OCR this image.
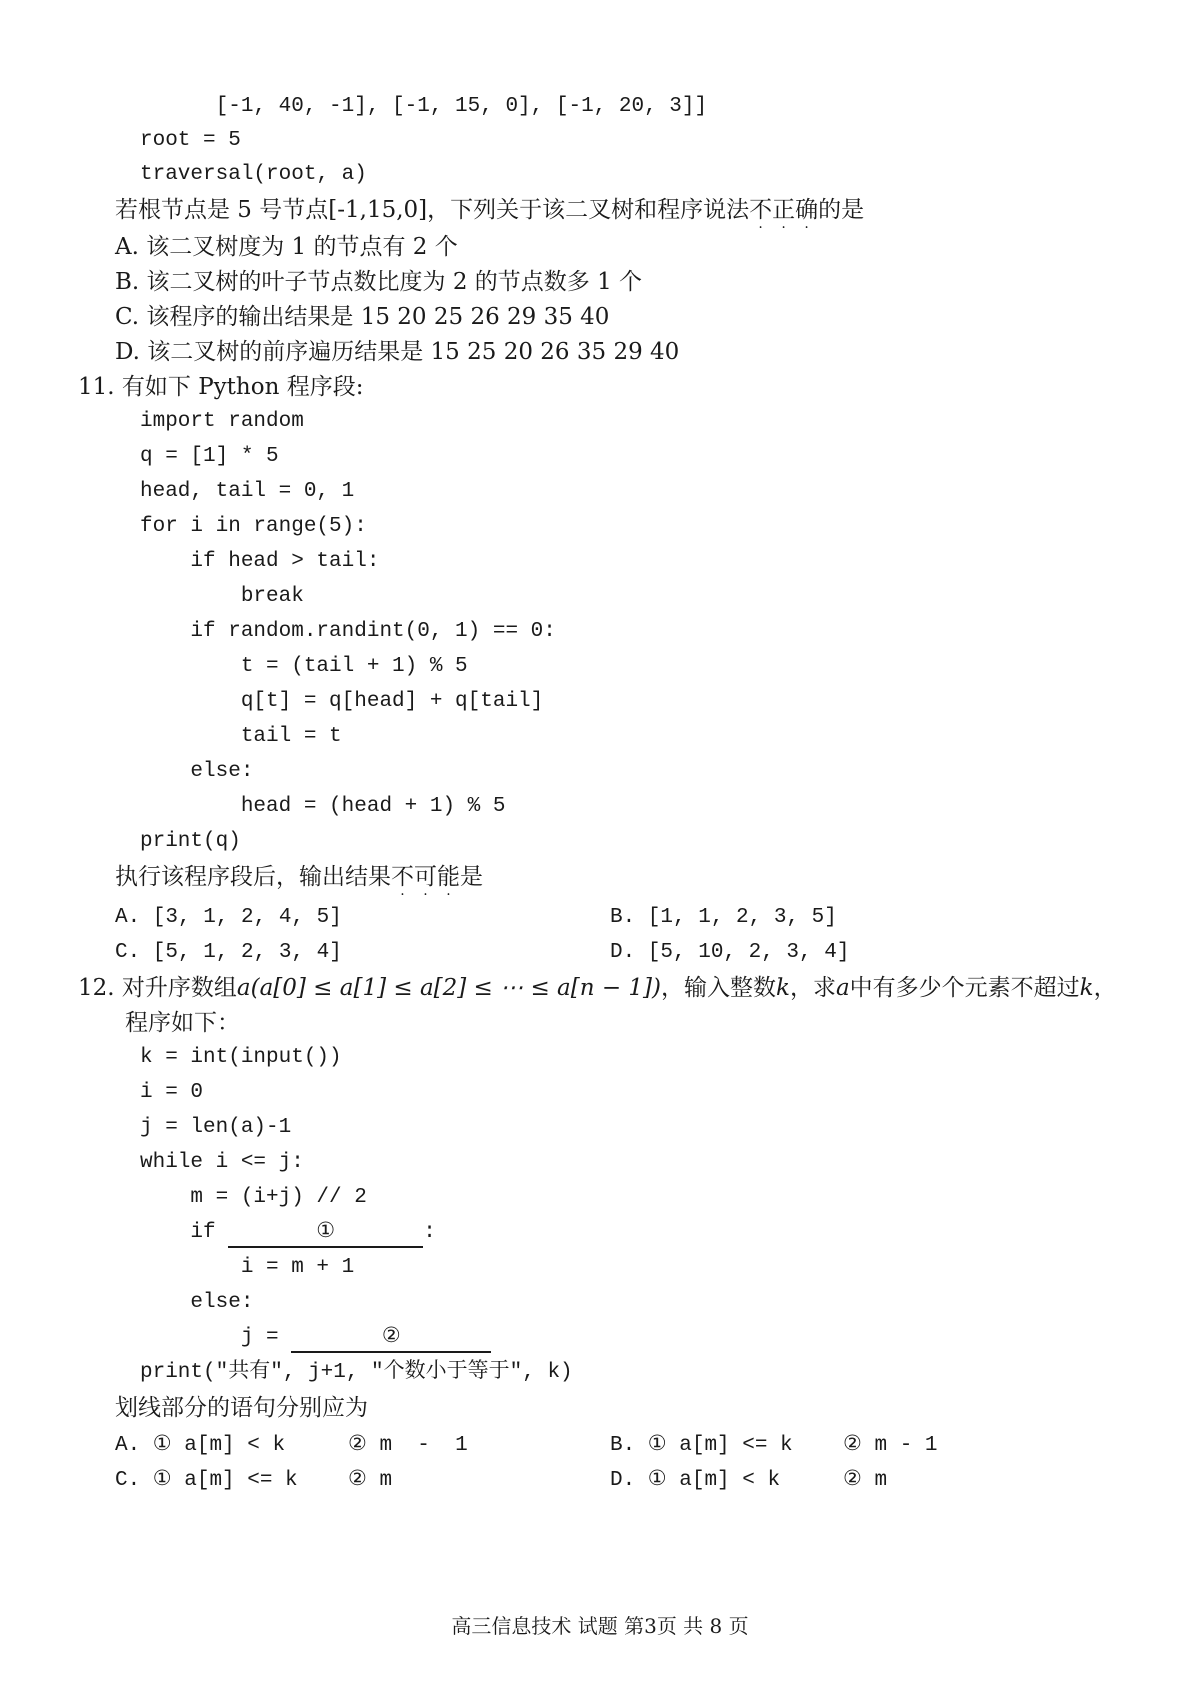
[-1, 40, -1], [-1, 15, 0], [-1, 20, 3]]
root = 5
traversal(root, a)
若根节点是 5 号节点[-1,15,0]，下列关于该二叉树和程序说法不正确
· · ·
的是
A. 该二叉树度为 1 的节点有 2 个
B. 该二叉树的叶子节点数比度为 2 的节点数多 1 个
C. 该程序的输出结果是 15 20 25 26 29 35 40
D. 该二叉树的前序遍历结果是 15 25 20 26 35 29 40
11. 有如下 Python 程序段:
import random
q = [1] * 5
head, tail = 0, 1
for i in range(5):
if head > tail:
break
if random.randint(0, 1) == 0:
t = (tail + 1) % 5
q[t] = q[head] + q[tail]
tail = t
else:
head = (head + 1) % 5
print(q)
执行该程序段后，输出结果不可能
· · ·
是
A. [3, 1, 2, 4, 5]	B. [1, 1, 2, 3, 5]
C. [5, 1, 2, 3, 4]	D. [5, 10, 2, 3, 4]
12. 对升序数组a(a[0] ≤ a[1] ≤ a[2] ≤ ⋯ ≤ a[n − 1])，输入整数k，求a中有多少个元素不超过k，
程序如下：
k = int(input())
i = 0
j = len(a)-1
while i <= j:
m = (i+j) // 2
if	①	:
i = m + 1
else:
j =	②
print("共有", j+1, "个数小于等于", k)
划线部分的语句分别应为
A. ① a[m] < k     ② m  -  1	B. ① a[m] <= k    ② m - 1
C. ① a[m] <= k    ② m	D. ① a[m] < k     ② m
高三信息技术 试题 第3页 共 8 页
